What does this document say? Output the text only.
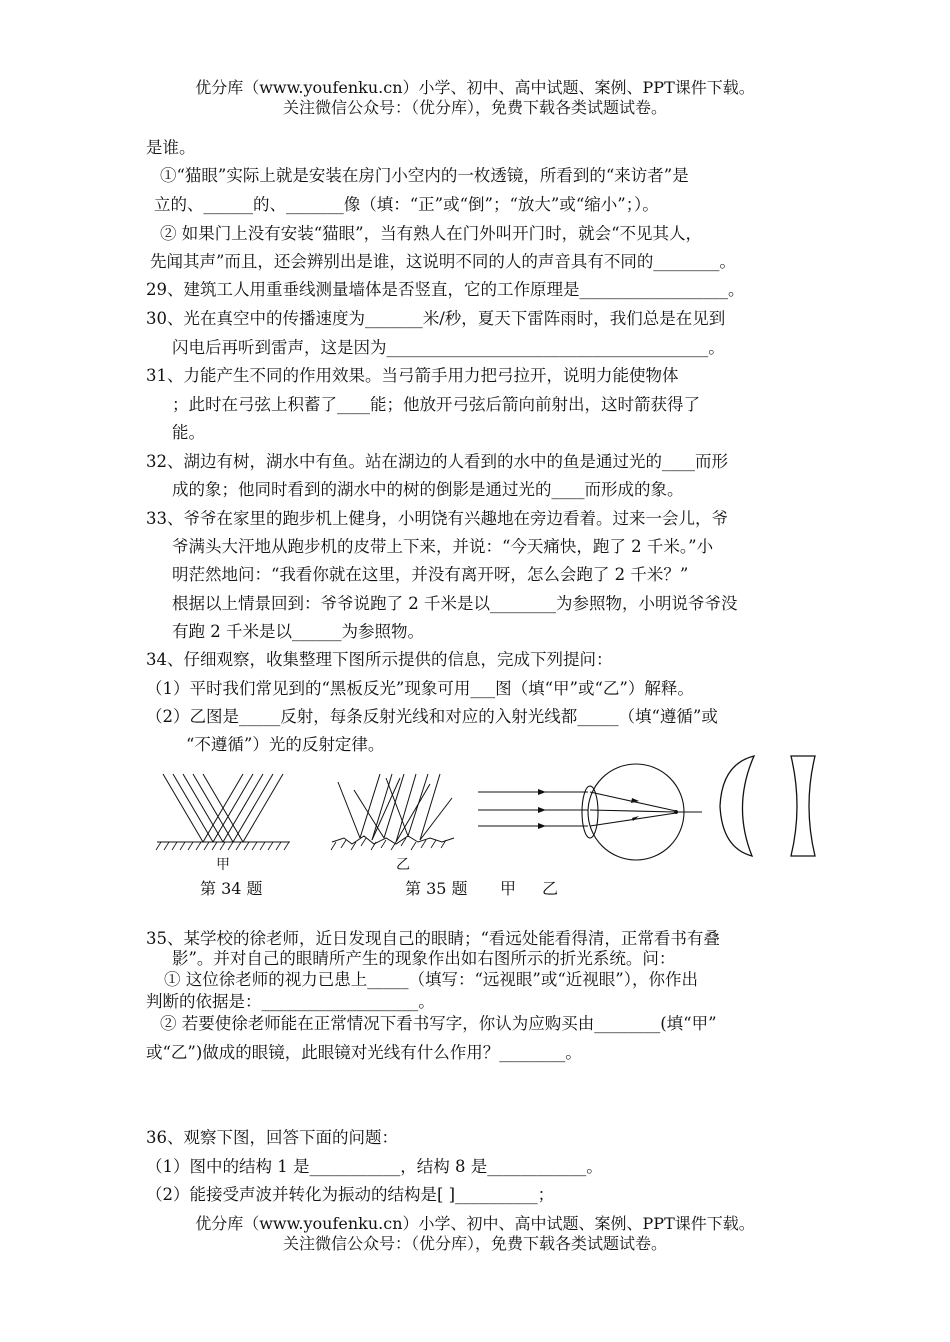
优分库（www.youfenku.cn）小学、初中、高中试题、案例、PPT课件下载。
关注微信公众号：（优分库），免费下载各类试题试卷。
是谁。
①“猫眼”实际上就是安装在房门小空内的一枚透镜，所看到的“来访者”是
立的、______的、_______像（填：“正”或“倒”；“放大”或“缩小”；）。
② 如果门上没有安装“猫眼”，当有熟人在门外叫开门时，就会“不见其人，
先闻其声”而且，还会辨别出是谁，这说明不同的人的声音具有不同的________。
29、建筑工人用重垂线测量墙体是否竖直，它的工作原理是__________________。
30、光在真空中的传播速度为_______米/秒，夏天下雷阵雨时，我们总是在见到
闪电后再听到雷声，这是因为_______________________________________。
31、力能产生不同的作用效果。当弓箭手用力把弓拉开，说明力能使物体
；此时在弓弦上积蓄了____能；他放开弓弦后箭向前射出，这时箭获得了
能。
32、湖边有树，湖水中有鱼。站在湖边的人看到的水中的鱼是通过光的____而形
成的象；他同时看到的湖水中的树的倒影是通过光的____而形成的象。
33、爷爷在家里的跑步机上健身，小明饶有兴趣地在旁边看着。过来一会儿，爷
爷满头大汗地从跑步机的皮带上下来，并说：“今天痛快，跑了 2 千米。”小
明茫然地问：“我看你就在这里，并没有离开呀，怎么会跑了 2 千米？”
根据以上情景回到：爷爷说跑了 2 千米是以________为参照物，小明说爷爷没
有跑 2 千米是以______为参照物。
34、仔细观察，收集整理下图所示提供的信息，完成下列提问：
（1）平时我们常见到的“黑板反光”现象可用___图（填“甲”或“乙”）解释。
（2）乙图是_____反射，每条反射光线和对应的入射光线都_____（填“遵循”或
“不遵循”）光的反射定律。
甲
第 34 题
乙
第 35 题 甲 乙
35、某学校的徐老师，近日发现自己的眼睛；“看远处能看得清，正常看书有叠
影”。并对自己的眼睛所产生的现象作出如右图所示的折光系统。问：
① 这位徐老师的视力已患上_____（填写：“远视眼”或“近视眼”），你作出
判断的依据是：___________________。
② 若要使徐老师能在正常情况下看书写字，你认为应购买由________(填“甲”
或“乙”)做成的眼镜，此眼镜对光线有什么作用？________。
36、观察下图，回答下面的问题：
（1）图中的结构 1 是___________，结构 8 是____________。
（2）能接受声波并转化为振动的结构是[ ]__________；
优分库（www.youfenku.cn）小学、初中、高中试题、案例、PPT课件下载。
关注微信公众号：（优分库），免费下载各类试题试卷。
